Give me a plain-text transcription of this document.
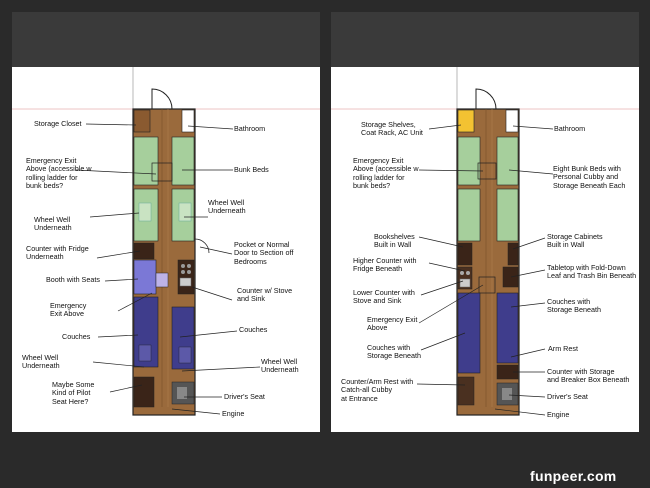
Storage Closet
Bathroom
Emergency Exit
Above (accessible w
rolling ladder for
bunk beds?
Bunk Beds
Wheel Well
Underneath
Wheel Well
Underneath
Counter with Fridge
Underneath
Pocket or Normal
Door to Section off
Bedrooms
Booth with Seats
Counter w/ Stove
and Sink
Emergency
Exit Above
Couches
Couches
Wheel Well
Underneath	Wheel Well
Underneath
Maybe Some
Kind of Pilot
Seat Here?
Driver's Seat
Engine
Storage Shelves,
Coat Rack, AC Unit	Bathroom
Emergency Exit
Above (accessible w
rolling ladder for
bunk beds?
Eight Bunk Beds with
Personal Cubby and
Storage Beneath Each
Bookshelves
Built in Wall
Storage Cabinets
Built in Wall
Higher Counter with
Fridge Beneath	Tabletop with Fold-Down
Leaf and Trash Bin Beneath
Lower Counter with
Stove and Sink	Couches with
Storage Beneath
Emergency Exit
Above
Couches with
Storage Beneath
Arm Rest
Counter with Storage
and Breaker Box Beneath
Counter/Arm Rest with
Catch-all Cubby
at Entrance	Driver's Seat
Engine
funpeer.com
